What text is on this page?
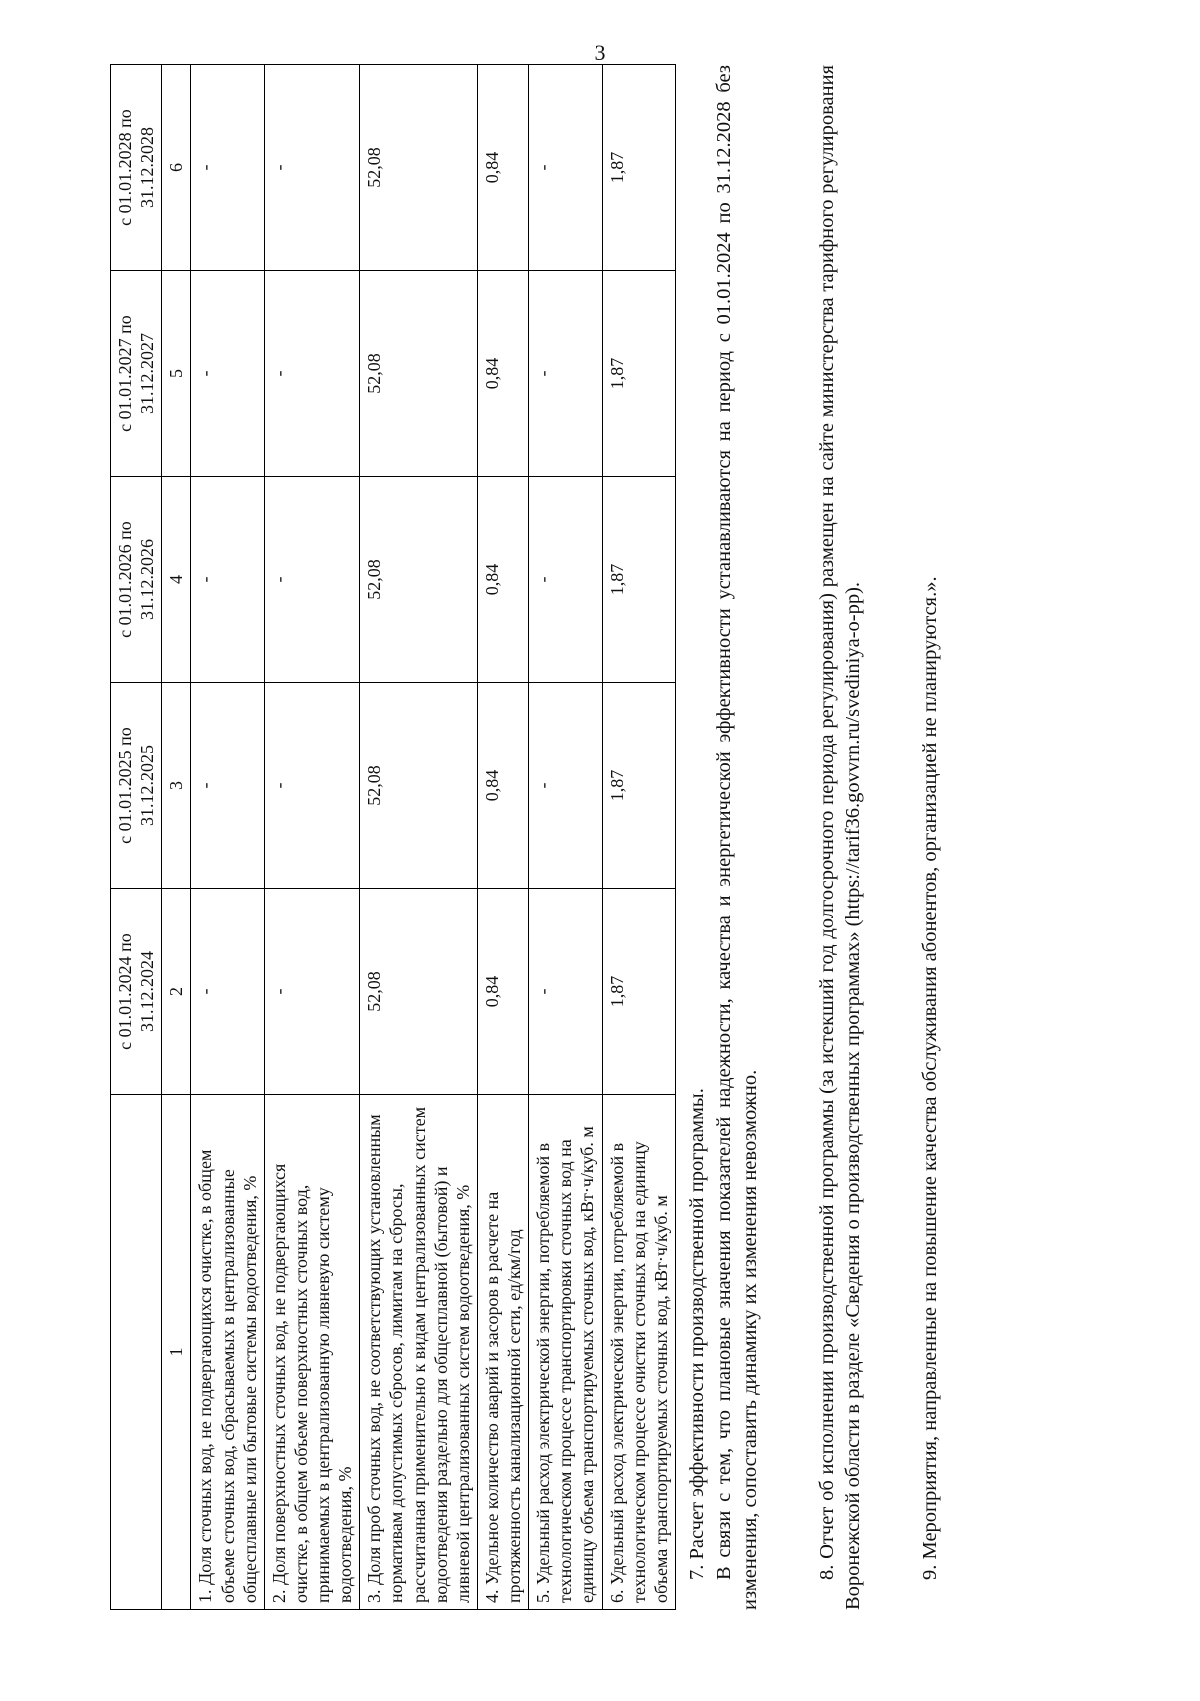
3
	с 01.01.2024 по 31.12.2024	с 01.01.2025 по 31.12.2025	с 01.01.2026 по 31.12.2026	с 01.01.2027 по 31.12.2027	с 01.01.2028 по 31.12.2028
1	2	3	4	5	6
1. Доля сточных вод, не подвергающихся очистке, в общем объеме сточных вод, сбрасываемых в централизованные общесплавные или бытовые системы водоотведения, %	-	-	-	-	-
2. Доля поверхностных сточных вод, не подвергающихся очистке, в общем объеме поверхностных сточных вод, принимаемых в централизованную ливневую систему водоотведения, %	-	-	-	-	-
3. Доля проб сточных вод, не соответствующих установленным нормативам допустимых сбросов, лимитам на сбросы, рассчитанная применительно к видам централизованных систем водоотведения раздельно для общесплавной (бытовой) и ливневой централизованных систем водоотведения, %	52,08	52,08	52,08	52,08	52,08
4. Удельное количество аварий и засоров в расчете на протяженность канализационной сети, ед/км/год	0,84	0,84	0,84	0,84	0,84
5. Удельный расход электрической энергии, потребляемой в технологическом процессе транспортировки сточных вод на единицу объема транспортируемых сточных вод, кВт·ч/куб. м	-	-	-	-	-
6. Удельный расход электрической энергии, потребляемой в технологическом процессе очистки сточных вод на единицу объема транспортируемых сточных вод, кВт·ч/куб. м	1,87	1,87	1,87	1,87	1,87

7. Расчет эффективности производственной программы. В связи с тем, что плановые значения показателей надежности, качества и энергетической эффективности устанавливаются на период с 01.01.2024 по 31.12.2028 без изменения, сопоставить динамику их изменения невозможно.	8. Отчет об исполнении производственной программы (за истекший год долгосрочного периода регулирования) размещен на сайте министерства тарифного регулирования Воронежской области в разделе «Сведения о производственных программах» (https://tarif36.govvrn.ru/svediniya-o-pp).	9. Мероприятия, направленные на повышение качества обслуживания абонентов, организацией не планируются.».
